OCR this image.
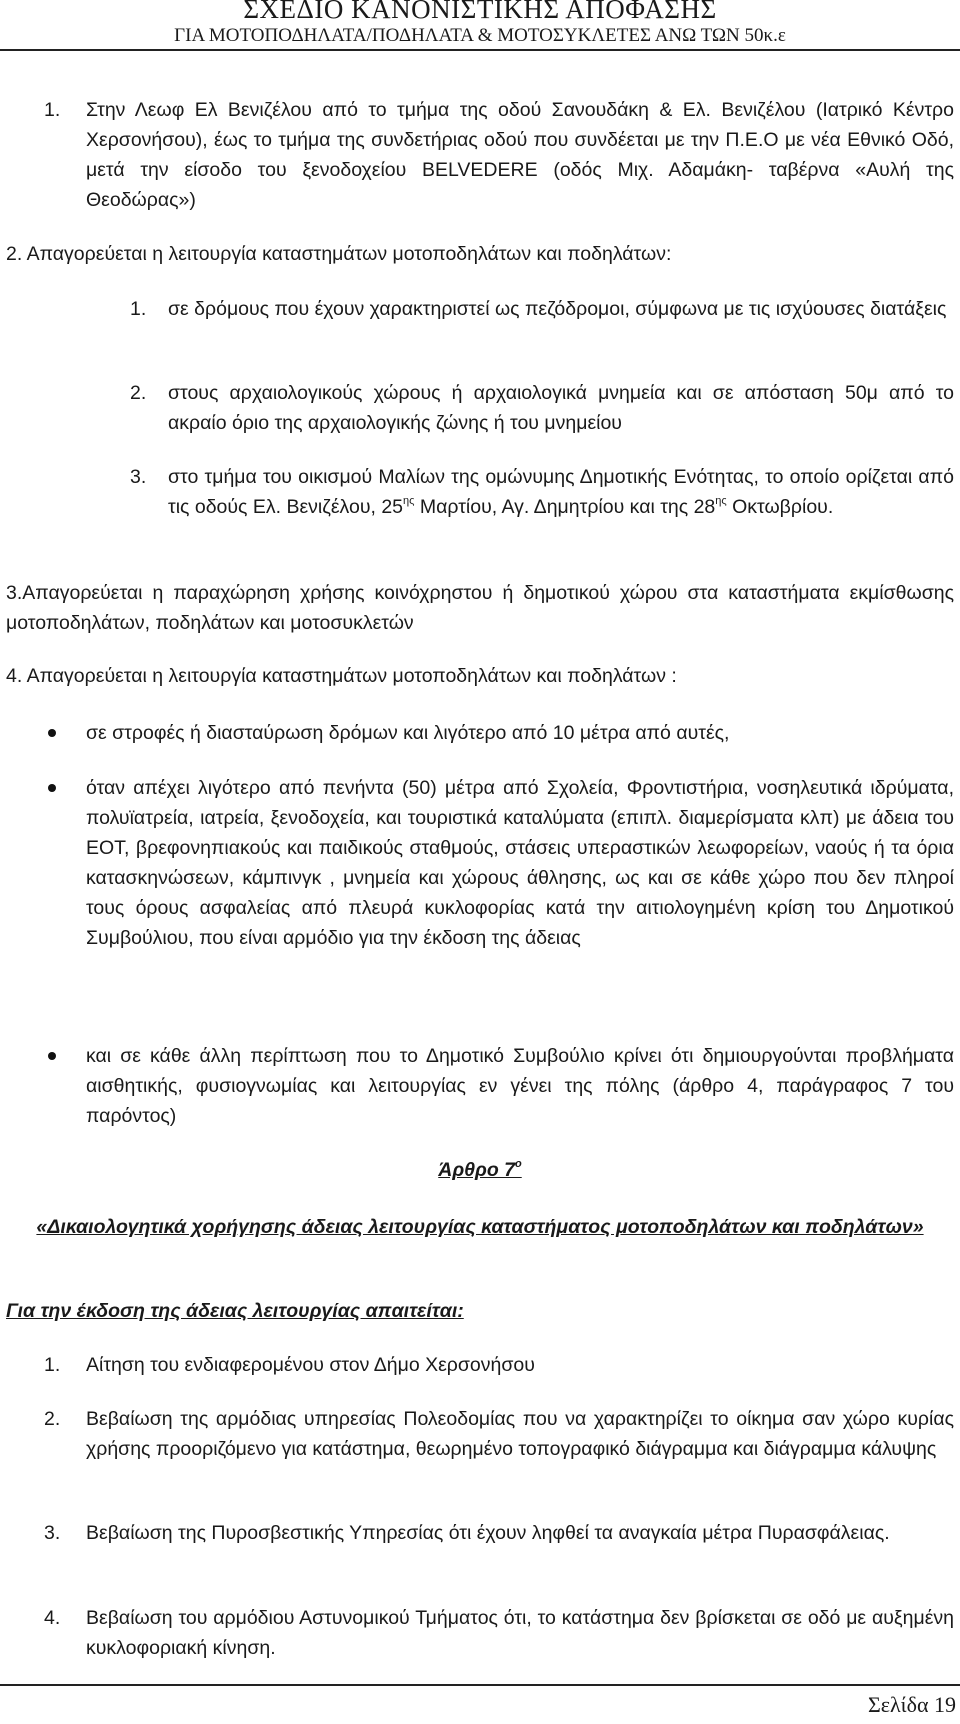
ΣΧΕΔΙΟ ΚΑΝΟΝΙΣΤΙΚΗΣ ΑΠΟΦΑΣΗΣ
ΓΙΑ ΜΟΤΟΠΟΔΗΛΑΤΑ/ΠΟΔΗΛΑΤΑ & ΜΟΤΟΣΥΚΛΕΤΕΣ ΑΝΩ ΤΩΝ 50κ.ε
1. Στην Λεωφ Ελ Βενιζέλου από το τμήμα της οδού Σανουδάκη & Ελ. Βενιζέλου (Ιατρικό Κέντρο Χερσονήσου), έως το τμήμα της συνδετήριας οδού που συνδέεται με την Π.Ε.Ο με νέα Εθνικό Οδό, μετά την είσοδο του ξενοδοχείου BELVEDERE (οδός Μιχ. Αδαμάκη- ταβέρνα «Αυλή της Θεοδώρας»)
2. Απαγορεύεται η λειτουργία καταστημάτων μοτοποδηλάτων και ποδηλάτων:
1. σε δρόμους που έχουν χαρακτηριστεί ως πεζόδρομοι, σύμφωνα με τις ισχύουσες διατάξεις
2. στους αρχαιολογικούς χώρους ή αρχαιολογικά μνημεία και σε απόσταση 50μ από το ακραίο όριο της αρχαιολογικής ζώνης ή του μνημείου
3. στο τμήμα του οικισμού Μαλίων της ομώνυμης Δημοτικής Ενότητας, το οποίο ορίζεται από τις οδούς Ελ. Βενιζέλου, $25^{\eta\varsigma}$ Μαρτίου, Αγ. Δημητρίου και της $28^{\eta\varsigma}$ Οκτωβρίου.
3.Απαγορεύεται η παραχώρηση χρήσης κοινόχρηστου ή δημοτικού χώρου στα καταστήματα εκμίσθωσης μοτοποδηλάτων, ποδηλάτων και μοτοσυκλετών
4. Απαγορεύεται η λειτουργία καταστημάτων μοτοποδηλάτων και ποδηλάτων :
σε στροφές ή διασταύρωση δρόμων και λιγότερο από 10 μέτρα από αυτές,
όταν απέχει λιγότερο από πενήντα (50) μέτρα από Σχολεία, Φροντιστήρια, νοσηλευτικά ιδρύματα, πολυϊατρεία, ιατρεία, ξενοδοχεία, και τουριστικά καταλύματα (επιπλ. διαμερίσματα κλπ) με άδεια του ΕΟΤ, βρεφονηπιακούς και παιδικούς σταθμούς, στάσεις υπεραστικών λεωφορείων, ναούς ή τα όρια κατασκηνώσεων, κάμπινγκ , μνημεία και χώρους άθλησης, ως και σε κάθε χώρο που δεν πληροί τους όρους ασφαλείας από πλευρά κυκλοφορίας κατά την αιτιολογημένη κρίση του Δημοτικού Συμβούλιου, που είναι αρμόδιο για την έκδοση της άδειας
και σε κάθε άλλη περίπτωση που το Δημοτικό Συμβούλιο κρίνει ότι δημιουργούνται προβλήματα αισθητικής, φυσιογνωμίας και λειτουργίας εν γένει της πόλης (άρθρο 4, παράγραφος 7 του παρόντος)
Άρθρο $7^o$
«Δικαιολογητικά χορήγησης άδειας λειτουργίας καταστήματος μοτοποδηλάτων και ποδηλάτων»
Για την έκδοση της άδειας λειτουργίας απαιτείται:
1. Αίτηση του ενδιαφερομένου στον Δήμο Χερσονήσου
2. Βεβαίωση της αρμόδιας υπηρεσίας Πολεοδομίας που να χαρακτηρίζει το οίκημα σαν χώρο κυρίας χρήσης προοριζόμενο για κατάστημα, θεωρημένο τοπογραφικό διάγραμμα και διάγραμμα κάλυψης
3. Βεβαίωση της Πυροσβεστικής Υπηρεσίας ότι έχουν ληφθεί τα αναγκαία μέτρα Πυρασφάλειας.
4. Βεβαίωση του αρμόδιου Αστυνομικού Τμήματος ότι, το κατάστημα δεν βρίσκεται σε οδό με αυξημένη κυκλοφοριακή κίνηση.
Σελίδα 19
